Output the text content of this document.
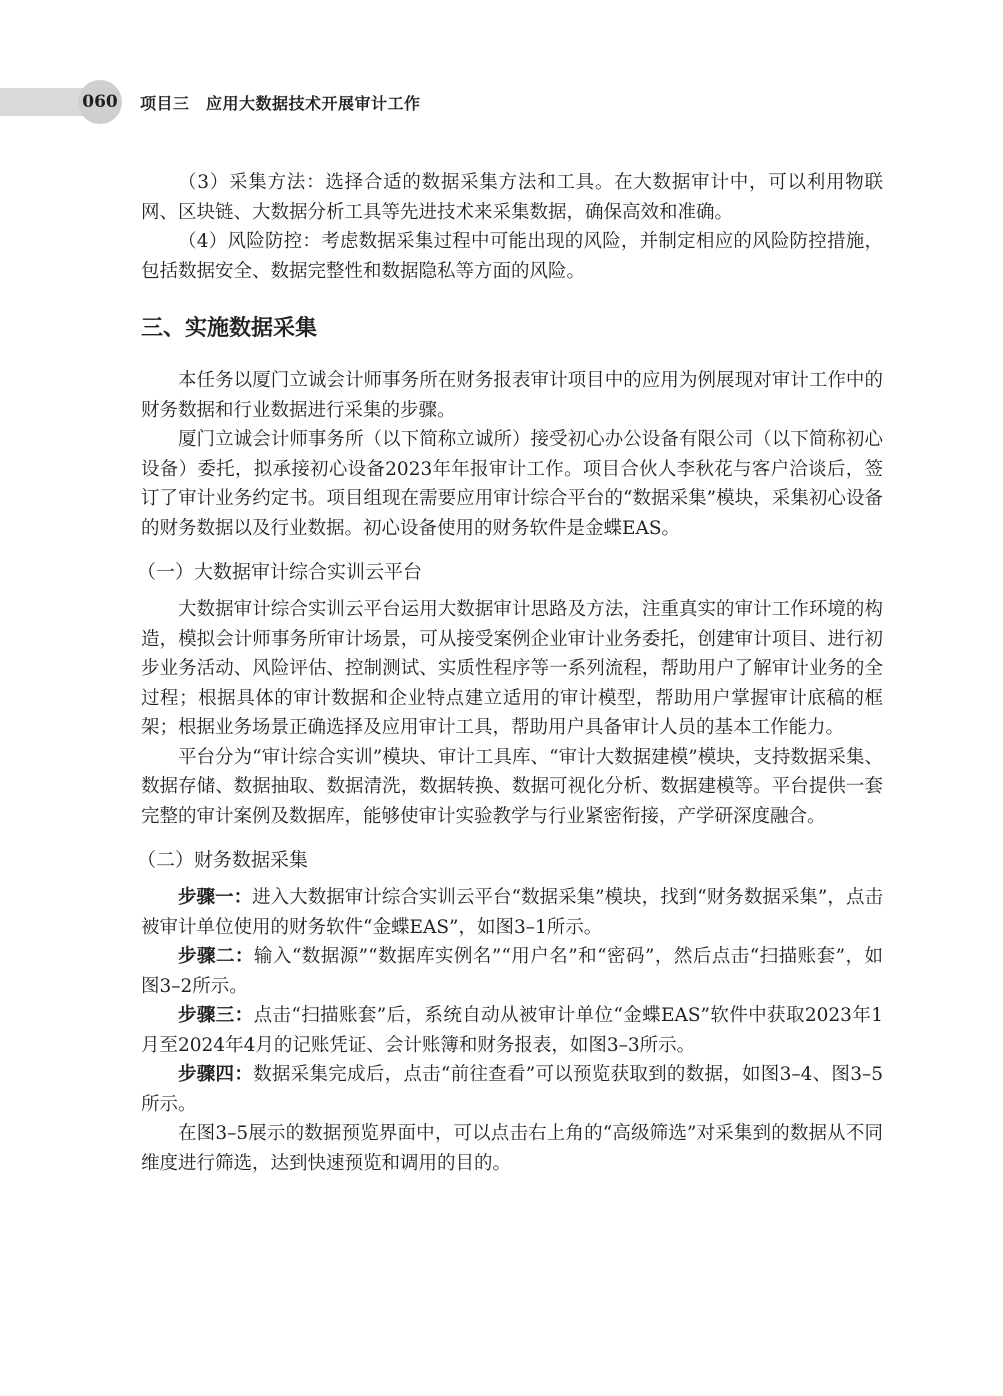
060 项目三　应用大数据技术开展审计工作

（3）采集方法：选择合适的数据采集方法和工具。在大数据审计中，可以利用物联网、区块链、大数据分析工具等先进技术来采集数据，确保高效和准确。

（4）风险防控：考虑数据采集过程中可能出现的风险，并制定相应的风险防控措施，包括数据安全、数据完整性和数据隐私等方面的风险。

三、实施数据采集

本任务以厦门立诚会计师事务所在财务报表审计项目中的应用为例展现对审计工作中的财务数据和行业数据进行采集的步骤。

厦门立诚会计师事务所（以下简称立诚所）接受初心办公设备有限公司（以下简称初心设备）委托，拟承接初心设备2023年年报审计工作。项目合伙人李秋花与客户洽谈后，签订了审计业务约定书。项目组现在需要应用审计综合平台的“数据采集”模块，采集初心设备的财务数据以及行业数据。初心设备使用的财务软件是金蝶EAS。

（一）大数据审计综合实训云平台

大数据审计综合实训云平台运用大数据审计思路及方法，注重真实的审计工作环境的构造，模拟会计师事务所审计场景，可从接受案例企业审计业务委托，创建审计项目、进行初步业务活动、风险评估、控制测试、实质性程序等一系列流程，帮助用户了解审计业务的全过程；根据具体的审计数据和企业特点建立适用的审计模型，帮助用户掌握审计底稿的框架；根据业务场景正确选择及应用审计工具，帮助用户具备审计人员的基本工作能力。

平台分为“审计综合实训”模块、审计工具库、“审计大数据建模”模块，支持数据采集、数据存储、数据抽取、数据清洗，数据转换、数据可视化分析、数据建模等。平台提供一套完整的审计案例及数据库，能够使审计实验教学与行业紧密衔接，产学研深度融合。

（二）财务数据采集

步骤一：进入大数据审计综合实训云平台“数据采集”模块，找到“财务数据采集”，点击被审计单位使用的财务软件“金蝶EAS”，如图3–1所示。

步骤二：输入“数据源”“数据库实例名”“用户名”和“密码”，然后点击“扫描账套”，如图3–2所示。

步骤三：点击“扫描账套”后，系统自动从被审计单位“金蝶EAS”软件中获取2023年1月至2024年4月的记账凭证、会计账簿和财务报表，如图3–3所示。

步骤四：数据采集完成后，点击“前往查看”可以预览获取到的数据，如图3–4、图3–5所示。

在图3–5展示的数据预览界面中，可以点击右上角的“高级筛选”对采集到的数据从不同维度进行筛选，达到快速预览和调用的目的。
